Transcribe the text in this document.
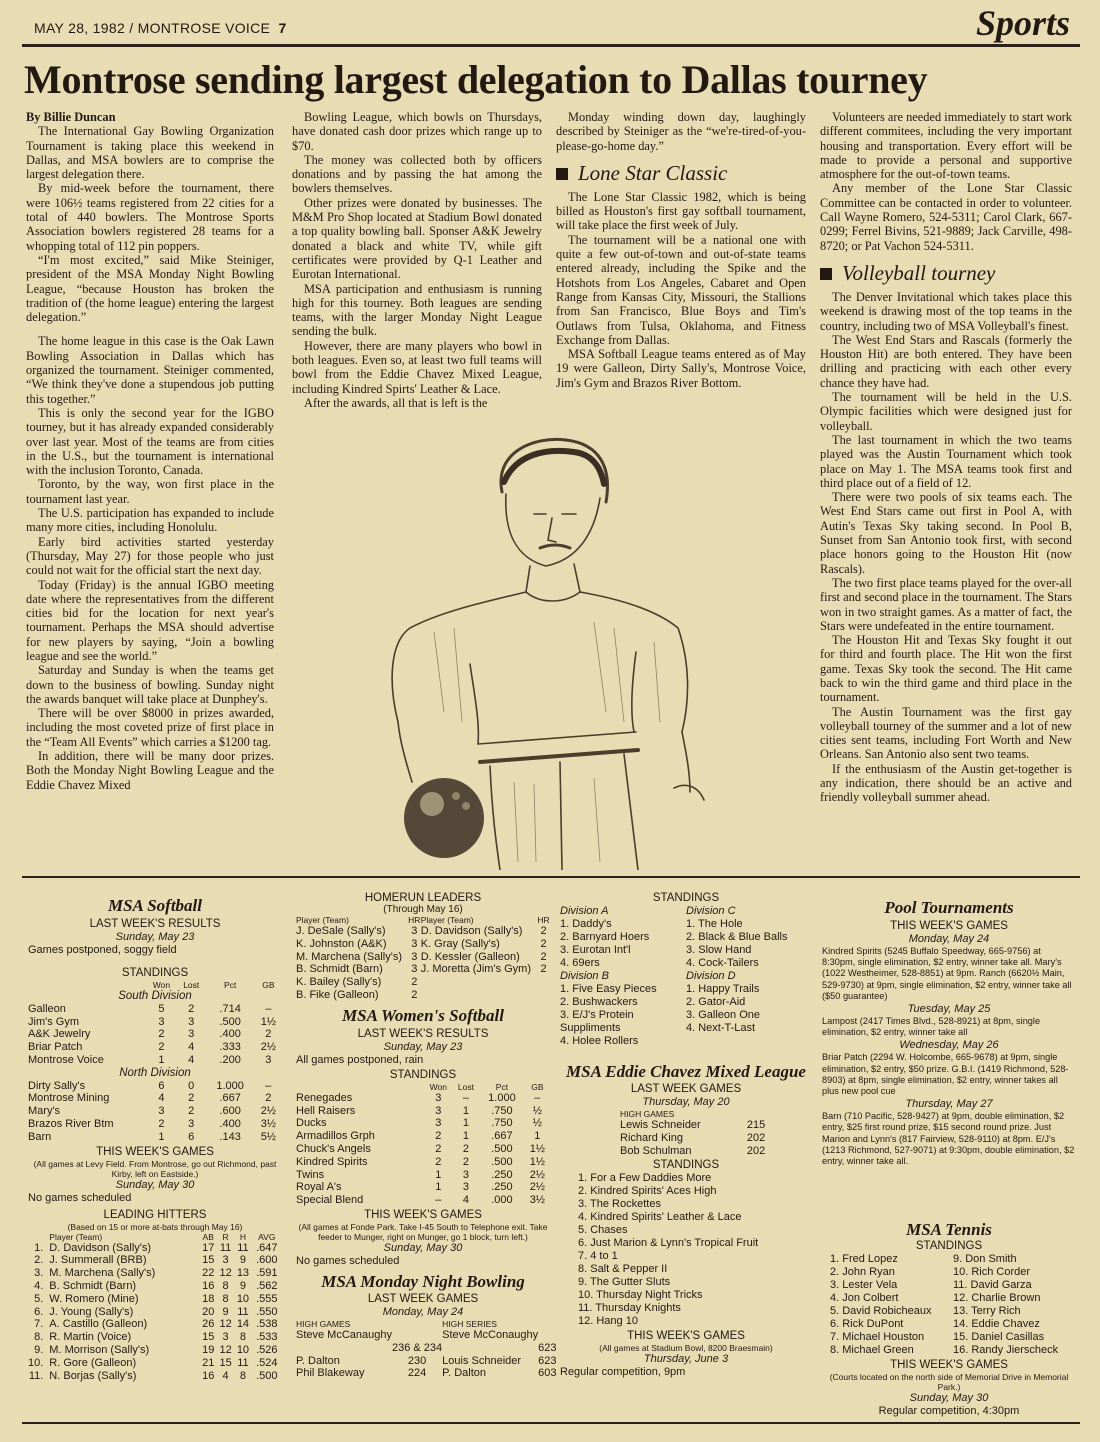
MAY 28, 1982 / MONTROSE VOICE 7	Sports
Montrose sending largest delegation to Dallas tourney

By Billie Duncan

The International Gay Bowling Organization Tournament is taking place this weekend in Dallas, and MSA bowlers are to comprise the largest delegation there.

By mid-week before the tournament, there were 106½ teams registered from 22 cities for a total of 440 bowlers. The Montrose Sports Association bowlers registered 28 teams for a whopping total of 112 pin poppers.

“I'm most excited,” said Mike Steiniger, president of the MSA Monday Night Bowling League, “because Houston has broken the tradition of (the home league) entering the largest delegation.”

The home league in this case is the Oak Lawn Bowling Association in Dallas which has organized the tournament. Steiniger commented, “We think they've done a stupendous job putting this together.”

This is only the second year for the IGBO tourney, but it has already expanded considerably over last year. Most of the teams are from cities in the U.S., but the tournament is international with the inclusion Toronto, Canada.

Toronto, by the way, won first place in the tournament last year.

The U.S. participation has expanded to include many more cities, including Honolulu.

Early bird activities started yesterday (Thursday, May 27) for those people who just could not wait for the official start the next day.

Today (Friday) is the annual IGBO meeting date where the representatives from the different cities bid for the location for next year's tournament. Perhaps the MSA should advertise for new players by saying, “Join a bowling league and see the world.”

Saturday and Sunday is when the teams get down to the business of bowling. Sunday night the awards banquet will take place at Dunphey's.

There will be over $8000 in prizes awarded, including the most coveted prize of first place in the “Team All Events” which carries a $1200 tag.

In addition, there will be many door prizes. Both the Monday Night Bowling League and the Eddie Chavez Mixed

Bowling League, which bowls on Thursdays, have donated cash door prizes which range up to $70.

The money was collected both by officers donations and by passing the hat among the bowlers themselves.

Other prizes were donated by businesses. The M&M Pro Shop located at Stadium Bowl donated a top quality bowling ball. Sponser A&K Jewelry donated a black and white TV, while gift certificates were provided by Q-1 Leather and Eurotan International.

MSA participation and enthusiasm is running high for this tourney. Both leagues are sending teams, with the larger Monday Night League sending the bulk.

However, there are many players who bowl in both leagues. Even so, at least two full teams will bowl from the Eddie Chavez Mixed League, including Kindred Spirts' Leather & Lace.

After the awards, all that is left is the

Monday winding down day, laughingly described by Steiniger as the “we're-tired-of-you-please-go-home day.”

Lone Star Classic

The Lone Star Classic 1982, which is being billed as Houston's first gay softball tournament, will take place the first week of July.

The tournament will be a national one with quite a few out-of-town and out-of-state teams entered already, including the Spike and the Hotshots from Los Angeles, Cabaret and Open Range from Kansas City, Missouri, the Stallions from San Francisco, Blue Boys and Tim's Outlaws from Tulsa, Oklahoma, and Fitness Exchange from Dallas.

MSA Softball League teams entered as of May 19 were Galleon, Dirty Sally's, Montrose Voice, Jim's Gym and Brazos River Bottom.

Volunteers are needed immediately to start work different commitees, including the very important housing and transportation. Every effort will be made to provide a personal and supportive atmosphere for the out-of-town teams.

Any member of the Lone Star Classic Committee can be contacted in order to volunteer. Call Wayne Romero, 524-5311; Carol Clark, 667-0299; Ferrel Bivins, 521-9889; Jack Carville, 498-8720; or Pat Vachon 524-5311.

Volleyball tourney

The Denver Invitational which takes place this weekend is drawing most of the top teams in the country, including two of MSA Volleyball's finest.

The West End Stars and Rascals (formerly the Houston Hit) are both entered. They have been drilling and practicing with each other every chance they have had.

The tournament will be held in the U.S. Olympic facilities which were designed just for volleyball.

The last tournament in which the two teams played was the Austin Tournament which took place on May 1. The MSA teams took first and third place out of a field of 12.

There were two pools of six teams each. The West End Stars came out first in Pool A, with Autin's Texas Sky taking second. In Pool B, Sunset from San Antonio took first, with second place honors going to the Houston Hit (now Rascals).

The two first place teams played for the over-all first and second place in the tournament. The Stars won in two straight games. As a matter of fact, the Stars were undefeated in the entire tournament.

The Houston Hit and Texas Sky fought it out for third and fourth place. The Hit won the first game. Texas Sky took the second. The Hit came back to win the third game and third place in the tournament.

The Austin Tournament was the first gay volleyball tourney of the summer and a lot of new cities sent teams, including Fort Worth and New Orleans. San Antonio also sent two teams.

If the enthusiasm of the Austin get-together is any indication, there should be an active and friendly volleyball summer ahead.

MSA Softball
LAST WEEK'S RESULTS
Sunday, May 23
Games postponed, soggy field
STANDINGS
	Won	Lost	Pct	GB
South Division				
Galleon	5	2	.714	–
Jim's Gym	3	3	.500	1½
A&K Jewelry	2	3	.400	2
Briar Patch	2	4	.333	2½
Montrose Voice	1	4	.200	3
North Division				
Dirty Sally's	6	0	1.000	–
Montrose Mining	4	2	.667	2
Mary's	3	2	.600	2½
Brazos River Btm	2	3	.400	3½
Barn	1	6	.143	5½
THIS WEEK'S GAMES
(All games at Levy Field. From Montrose, go out Richmond, past Kirby, left on Eastside.)
Sunday, May 30
No games scheduled
LEADING HITTERS
(Based on 15 or more at-bats through May 16)
	Player (Team)	AB	R	H	AVG
1.	D. Davidson (Sally's)	17	11	11	.647
2.	J. Summerall (BRB)	15	3	9	.600
3.	M. Marchena (Sally's)	22	12	13	.591
4.	B. Schmidt (Barn)	16	8	9	.562
5.	W. Romero (Mine)	18	8	10	.555
6.	J. Young (Sally's)	20	9	11	.550
7.	A. Castillo (Galleon)	26	12	14	.538
8.	R. Martin (Voice)	15	3	8	.533
9.	M. Morrison (Sally's)	19	12	10	.526
10.	R. Gore (Galleon)	21	15	11	.524
11.	N. Borjas (Sally's)	16	4	8	.500
HOMERUN LEADERS
(Through May 16)
Player (Team)	HR	Player (Team)	HR
J. DeSale (Sally's)	3	D. Davidson (Sally's)	2
K. Johnston (A&K)	3	K. Gray (Sally's)	2
M. Marchena (Sally's)	3	D. Kessler (Galleon)	2
B. Schmidt (Barn)	3	J. Moretta (Jim's Gym)	2
K. Bailey (Sally's)	2		
B. Fike (Galleon)	2		
MSA Women's Softball
LAST WEEK'S RESULTS
Sunday, May 23
All games postponed, rain
STANDINGS
	Won	Lost	Pct	GB
Renegades	3	–	1.000	–
Hell Raisers	3	1	.750	½
Ducks	3	1	.750	½
Armadillos Grph	2	1	.667	1
Chuck's Angels	2	2	.500	1½
Kindred Spirits	2	2	.500	1½
Twins	1	3	.250	2½
Royal A's	1	3	.250	2½
Special Blend	–	4	.000	3½
THIS WEEK'S GAMES
(All games at Fonde Park. Take I-45 South to Telephone exit. Take feeder to Munger, right on Munger, go 1 block, turn left.)
Sunday, May 30
No games scheduled
MSA Monday Night Bowling
LAST WEEK GAMES
Monday, May 24
HIGH GAMES		HIGH SERIES	
Steve McCanaughy		Steve McConaughy	
	236 & 234		623
P. Dalton	230	Louis Schneider	623
Phil Blakeway	224	P. Dalton	603
STANDINGS
Division A
1. Daddy's
2. Barnyard Hoers
3. Eurotan Int'l
4. 69ers
Division B
1. Five Easy Pieces
2. Bushwackers
3. E/J's Protein Suppliments
4. Holee Rollers
Division C
1. The Hole
2. Black & Blue Balls
3. Slow Hand
4. Cock-Tailers
Division D
1. Happy Trails
2. Gator-Aid
3. Galleon One
4. Next-T-Last
MSA Eddie Chavez Mixed League
LAST WEEK GAMES
Thursday, May 20
HIGH GAMES
Lewis Schneider	215
Richard King	202
Bob Schulman	202
STANDINGS
1. For a Few Daddies More
2. Kindred Spirits' Aces High
3. The Rockettes
4. Kindred Spirits' Leather & Lace
5. Chases
6. Just Marion & Lynn's Tropical Fruit
7. 4 to 1
8. Salt & Pepper II
9. The Gutter Sluts
10. Thursday Night Tricks
11. Thursday Knights
12. Hang 10
THIS WEEK'S GAMES
(All games at Stadium Bowl, 8200 Braesmain)
Thursday, June 3
Regular competition, 9pm
Pool Tournaments
THIS WEEK'S GAMES
Monday, May 24

Kindred Spirits (5245 Buffalo Speedway, 665-9756) at 8:30pm, single elimination, $2 entry, winner take all. Mary's (1022 Westheimer, 528-8851) at 9pm. Ranch (6620½ Main, 529-9730) at 9pm, single elimination, $2 entry, winner take all ($50 guarantee)

Tuesday, May 25

Lampost (2417 Times Blvd., 528-8921) at 8pm, single elimination, $2 entry, winner take all

Wednesday, May 26

Briar Patch (2294 W. Holcombe, 665-9678) at 9pm, single elimination, $2 entry, $50 prize. G.B.I. (1419 Richmond, 528-8903) at 8pm, single elimination, $2 entry, winner takes all plus new pool cue

Thursday, May 27

Barn (710 Pacific, 528-9427) at 9pm, double elimination, $2 entry, $25 first round prize, $15 second round prize. Just Marion and Lynn's (817 Fairview, 528-9110) at 8pm. E/J's (1213 Richmond, 527-9071) at 9:30pm, double elimination, $2 entry, winner take all.

MSA Tennis
STANDINGS
1. Fred Lopez
2. John Ryan
3. Lester Vela
4. Jon Colbert
5. David Robicheaux
6. Rick DuPont
7. Michael Houston
8. Michael Green
9. Don Smith
10. Rich Corder
11. David Garza
12. Charlie Brown
13. Terry Rich
14. Eddie Chavez
15. Daniel Casillas
16. Randy Jierscheck
THIS WEEK'S GAMES
(Courts located on the north side of Memorial Drive in Memorial Park.)
Sunday, May 30
Regular competition, 4:30pm
